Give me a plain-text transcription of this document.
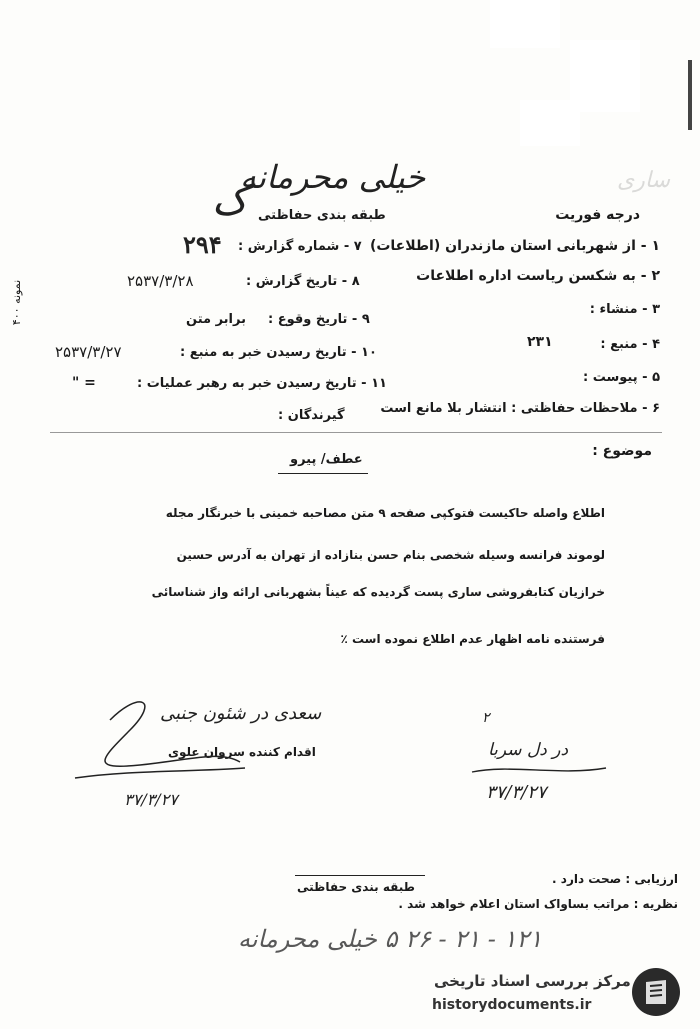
ساری
خیلی محرمانه
ک	درجه فوریت
طبقه بندی حفاظتی
۷ - شماره گزارش :
۲۹۴
۸ - تاریخ گزارش :
۲۵۳۷/۳/۲۸
۹ - تاریخ وقوع :
برابر متن
۱۰ - تاریخ رسیدن خبر به منبع :
۲۵۳۷/۳/۲۷
۱۱ - تاریخ رسیدن خبر به رهبر عملیات :
" =
گیرندگان :
۱ - از شهربانی استان مازندران (اطلاعات)
۲ - به شکسن ریاست اداره اطلاعات
۳ - منشاء :
۴ - منبع :
۲۳۱
۵ - پیوست :
۶ - ملاحظات حفاظتی : انتشار بلا مانع است
نمونه ۴۰۰
موضوع :
عطف/ پیرو
اطلاع واصله حاکیست فتوکپی صفحه ۹ متن مصاحبه خمینی با خبرنگار مجله
لوموند فرانسه وسیله شخصی بنام حسن بنازاده از تهران به آدرس حسین
خرازیان کتابفروشی ساری پست گردیده که عیناً بشهربانی ارائه واز شناسائی
فرستنده نامه اظهار عدم اطلاع نموده است ٪
سعدی در شئون جنبی
اقدام کننده سروان علوی
۳۷/۳/۲۷
۲
در دل سربا
۳۷/۳/۲۷
ارزیابی : صحت دارد .
طبقه بندی حفاظتی
نظریه : مراتب بساواک استان اعلام خواهد شد .
۱۲۱ - ۲۱ - ۲۶ ۵ خیلی محرمانه
مرکز بررسی اسناد تاریخی
historydocuments.ir
